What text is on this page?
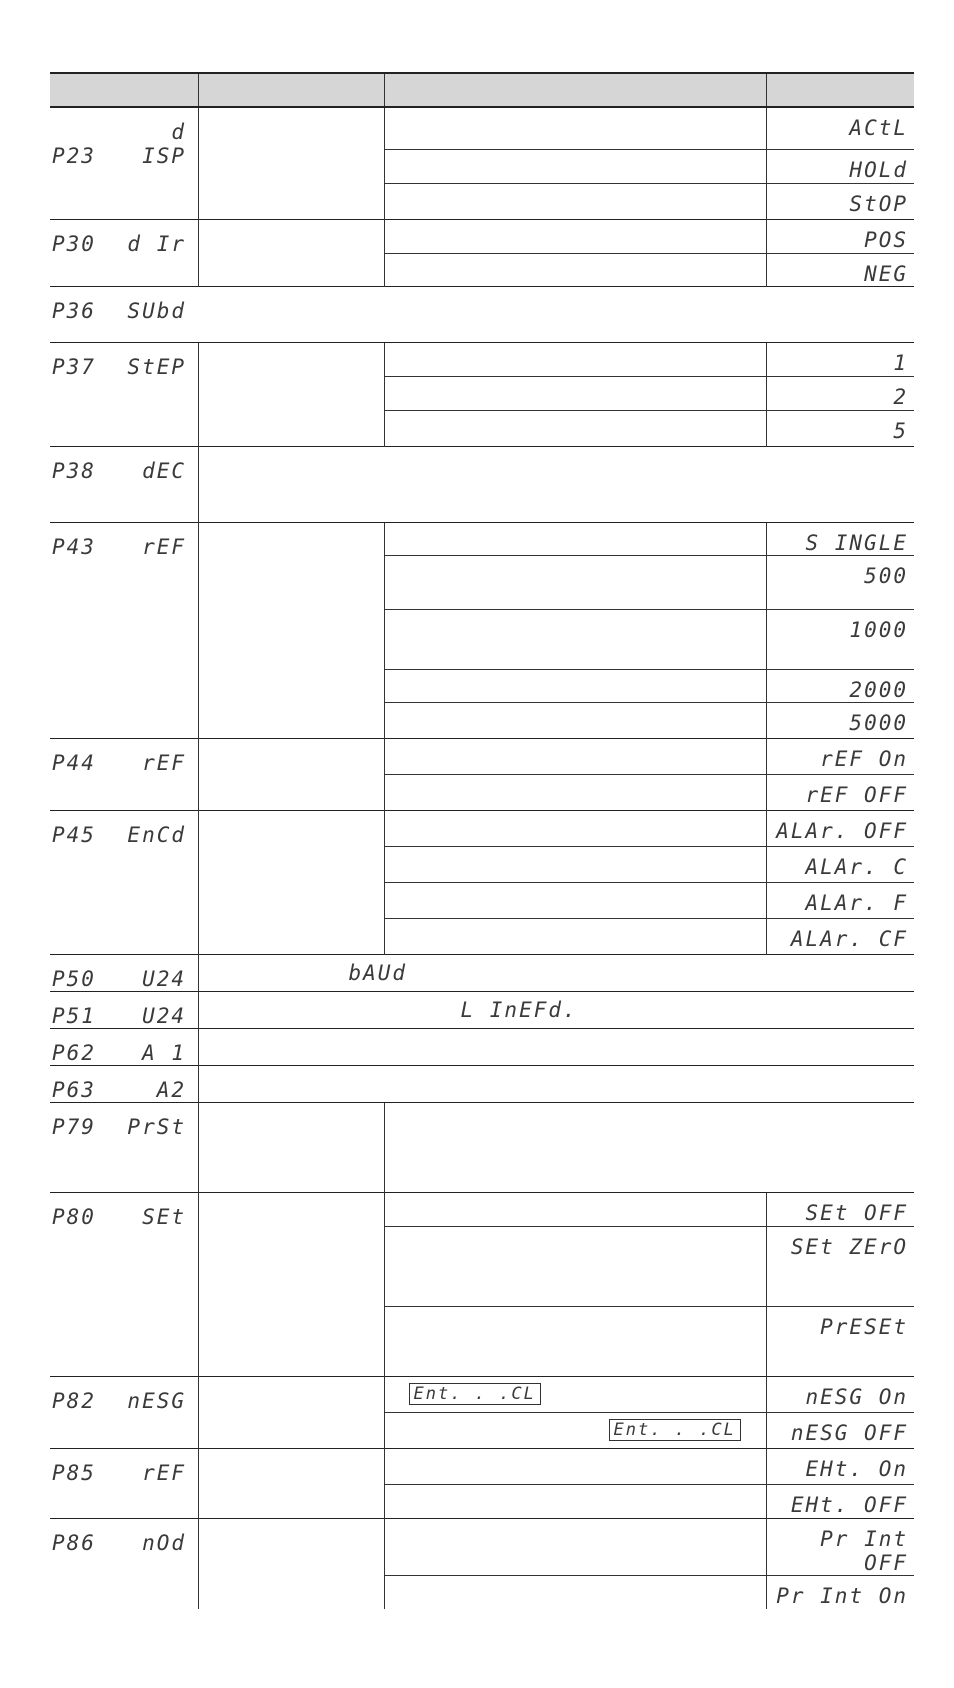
P23d ISP			ACtL
			HOLd
			StOP
P30 d Ir			POS
			NEG
P36 SUbd			
P37 StEP			1
			2
			5
P38 dEC			
P43 rEF			S INGLE
			500
			1000
			2000
			5000
P44 rEF			rEF On
			rEF OFF
P45 EnCd			ALAr. OFF
			ALAr. C
			ALAr. F
			ALAr. CF
P50 U24	bAUd		
P51 U24	L InEFd.		
P62 A 1			
P63 A2			
P79 PrSt			
P80 SEt			SEt OFF
			SEt ZErO
			PrESEt
P82 nESG		Ent. . .CL	nESG On
		Ent. . .CL	nESG OFF
P85 rEF			EHt. On
			EHt. OFF
P86 nOd			Pr Int OFF
			Pr Int On
